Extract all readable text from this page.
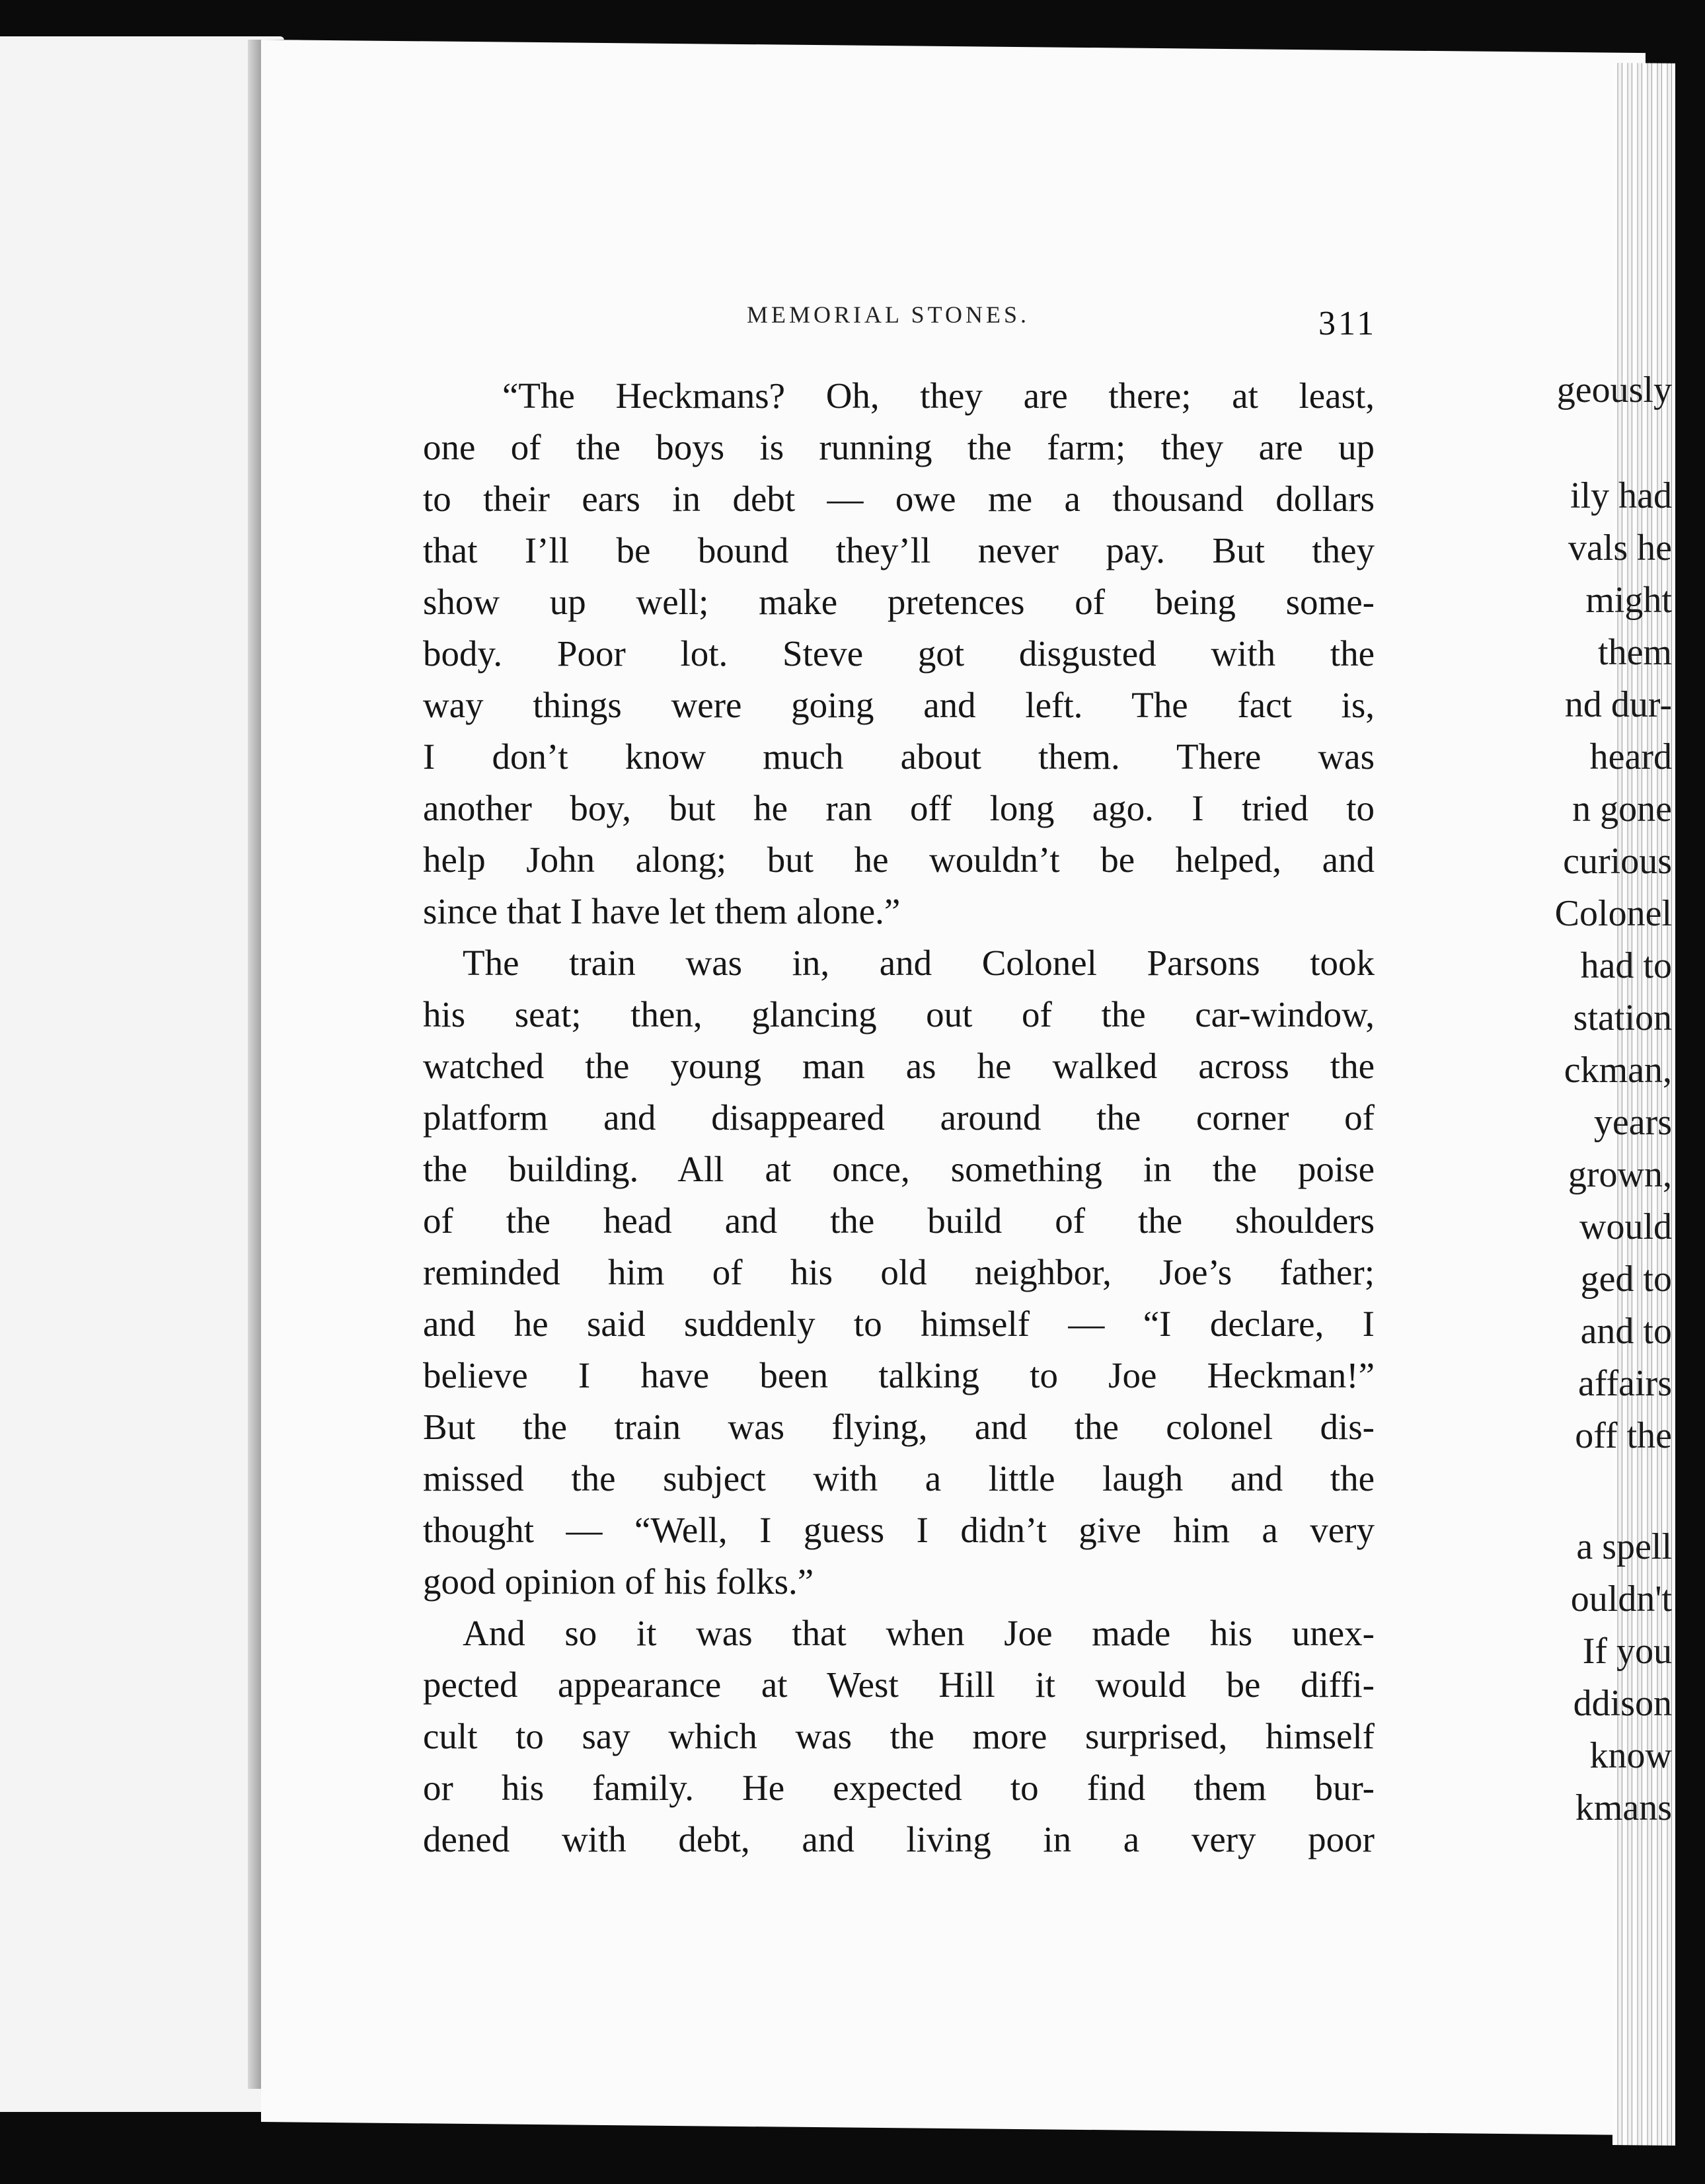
geously
ily had
vals he
might
them
nd dur-
heard
n gone
curious
Colonel
had to
station
ckman,
years
grown,
would
ged to
and to
affairs
off the
a spell
ouldn't
If you
ddison
know
kmans
MEMORIAL STONES.	311
“The Heckmans? Oh, they are there; at least,
one of the boys is running the farm; they are up
to their ears in debt — owe me a thousand dollars
that I’ll be bound they’ll never pay. But they
show up well; make pretences of being some-
body. Poor lot. Steve got disgusted with the
way things were going and left. The fact is,
I don’t know much about them. There was
another boy, but he ran off long ago. I tried to
help John along; but he wouldn’t be helped, and
since that I have let them alone.”
The train was in, and Colonel Parsons took
his seat; then, glancing out of the car-window,
watched the young man as he walked across the
platform and disappeared around the corner of
the building. All at once, something in the poise
of the head and the build of the shoulders
reminded him of his old neighbor, Joe’s father;
and he said suddenly to himself — “I declare, I
believe I have been talking to Joe Heckman!”
But the train was flying, and the colonel dis-
missed the subject with a little laugh and the
thought — “Well, I guess I didn’t give him a very
good opinion of his folks.”
And so it was that when Joe made his unex-
pected appearance at West Hill it would be diffi-
cult to say which was the more surprised, himself
or his family. He expected to find them bur-
dened with debt, and living in a very poor
